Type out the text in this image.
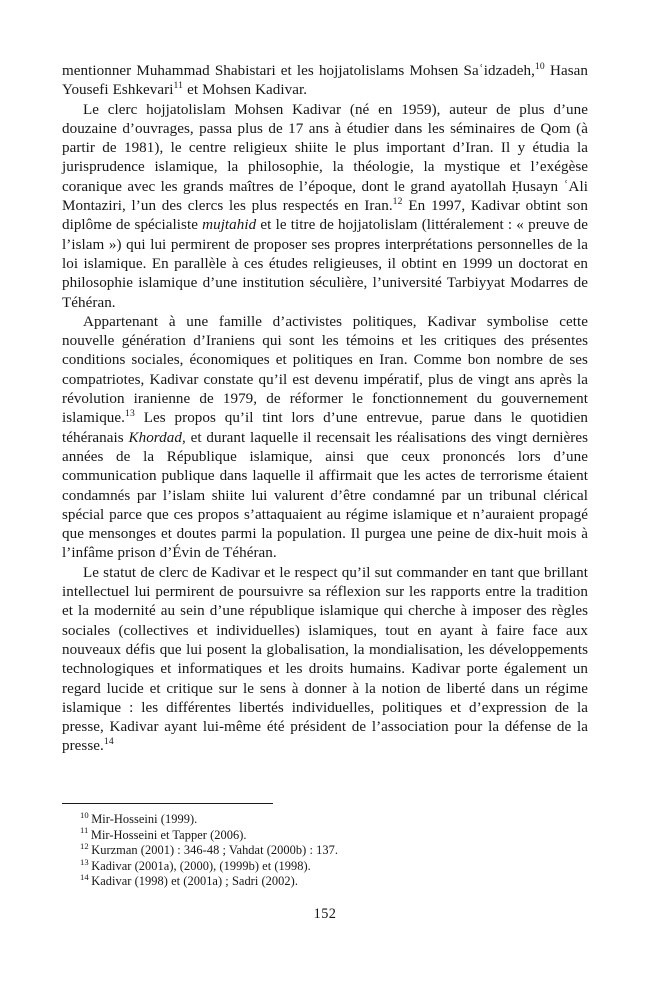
mentionner Muhammad Shabistari et les hojjatolislams Mohsen Saʿidzadeh,$^{10}$ Hasan Yousefi Eshkevari$^{11}$ et Mohsen Kadivar.

Le clerc hojjatolislam Mohsen Kadivar (né en 1959), auteur de plus d’une douzaine d’ouvrages, passa plus de 17 ans à étudier dans les séminaires de Qom (à partir de 1981), le centre religieux shiite le plus important d’Iran. Il y étudia la jurisprudence islamique, la philosophie, la théologie, la mystique et l’exégèse coranique avec les grands maîtres de l’époque, dont le grand ayatollah Ḥusayn ʿAli Montaziri, l’un des clercs les plus respectés en Iran.$^{12}$ En 1997, Kadivar obtint son diplôme de spécialiste mujtahid et le titre de hojjatolislam (littéralement : « preuve de l’islam ») qui lui permirent de proposer ses propres interprétations personnelles de la loi islamique. En parallèle à ces études religieuses, il obtint en 1999 un doctorat en philosophie islamique d’une institution séculière, l’université Tarbiyyat Modarres de Téhéran.

Appartenant à une famille d’activistes politiques, Kadivar symbolise cette nouvelle génération d’Iraniens qui sont les témoins et les critiques des présentes conditions sociales, économiques et politiques en Iran. Comme bon nombre de ses compatriotes, Kadivar constate qu’il est devenu impératif, plus de vingt ans après la révolution iranienne de 1979, de réformer le fonctionnement du gouvernement islamique.$^{13}$ Les propos qu’il tint lors d’une entrevue, parue dans le quotidien téhéranais Khordad, et durant laquelle il recensait les réalisations des vingt dernières années de la République islamique, ainsi que ceux prononcés lors d’une communication publique dans laquelle il affirmait que les actes de terrorisme étaient condamnés par l’islam shiite lui valurent d’être condamné par un tribunal clérical spécial parce que ces propos s’attaquaient au régime islamique et n’auraient propagé que mensonges et doutes parmi la population. Il purgea une peine de dix-huit mois à l’infâme prison d’Évin de Téhéran.

Le statut de clerc de Kadivar et le respect qu’il sut commander en tant que brillant intellectuel lui permirent de poursuivre sa réflexion sur les rapports entre la tradition et la modernité au sein d’une république islamique qui cherche à imposer des règles sociales (collectives et individuelles) islamiques, tout en ayant à faire face aux nouveaux défis que lui posent la globalisation, la mondialisation, les développements technologiques et informatiques et les droits humains. Kadivar porte également un regard lucide et critique sur le sens à donner à la notion de liberté dans un régime islamique : les différentes libertés individuelles, politiques et d’expression de la presse, Kadivar ayant lui-même été président de l’association pour la défense de la presse.$^{14}$

$^{10}$ Mir-Hosseini (1999).

$^{11}$ Mir-Hosseini et Tapper (2006).

$^{12}$ Kurzman (2001) : 346-48 ; Vahdat (2000b) : 137.

$^{13}$ Kadivar (2001a), (2000), (1999b) et (1998).

$^{14}$ Kadivar (1998) et (2001a) ; Sadri (2002).

152
